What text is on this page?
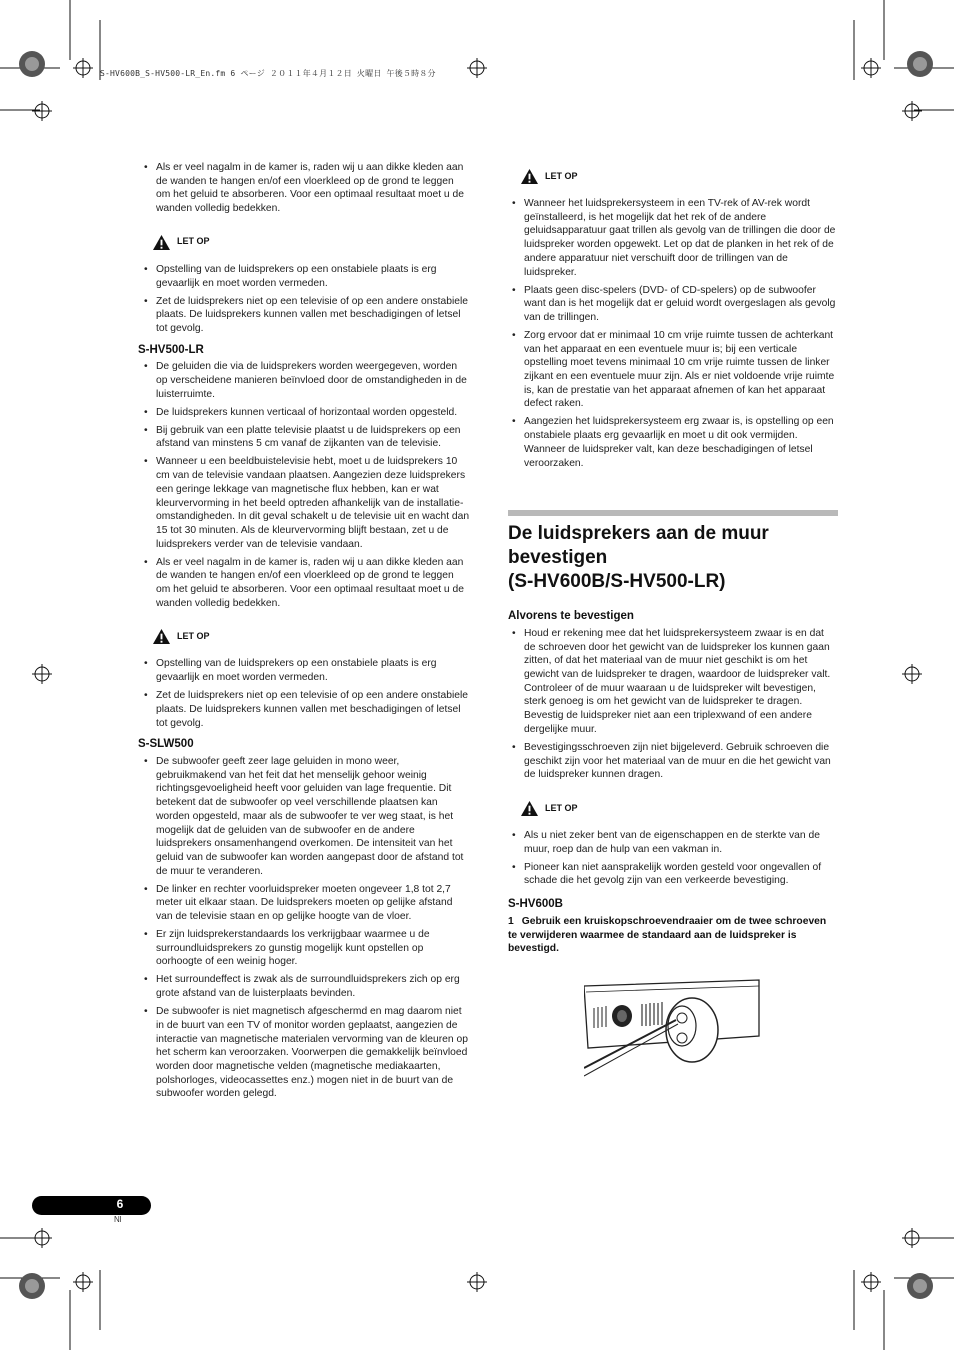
S-HV600B_S-HV500-LR_En.fm 6 ページ ２０１１年４月１２日 火曜日 午後５時８分
• Als er veel nagalm in de kamer is, raden wij u aan dikke kleden aan de wanden te hangen en/of een vloerkleed op de grond te leggen om het geluid te absorberen. Voor een optimaal resultaat moet u de wanden volledig bedekken.
LET OP
• Opstelling van de luidsprekers op een onstabiele plaats is erg gevaarlijk en moet worden vermeden.
• Zet de luidsprekers niet op een televisie of op een andere onstabiele plaats. De luidsprekers kunnen vallen met beschadigingen of letsel tot gevolg.
S-HV500-LR
• De geluiden die via de luidsprekers worden weergegeven, worden op verscheidene manieren beïnvloed door de omstandigheden in de luisterruimte.
• De luidsprekers kunnen verticaal of horizontaal worden opgesteld.
• Bij gebruik van een platte televisie plaatst u de luidsprekers op een afstand van minstens 5 cm vanaf de zijkanten van de televisie.
• Wanneer u een beeldbuistelevisie hebt, moet u de luidsprekers 10 cm van de televisie vandaan plaatsen. Aangezien deze luidsprekers een geringe lekkage van magnetische flux hebben, kan er wat kleurvervorming in het beeld optreden afhankelijk van de installatie-omstandigheden. In dit geval schakelt u de televisie uit en wacht dan 15 tot 30 minuten. Als de kleurvervorming blijft bestaan, zet u de luidsprekers verder van de televisie vandaan.
• Als er veel nagalm in de kamer is, raden wij u aan dikke kleden aan de wanden te hangen en/of een vloerkleed op de grond te leggen om het geluid te absorberen. Voor een optimaal resultaat moet u de wanden volledig bedekken.
LET OP
• Opstelling van de luidsprekers op een onstabiele plaats is erg gevaarlijk en moet worden vermeden.
• Zet de luidsprekers niet op een televisie of op een andere onstabiele plaats. De luidsprekers kunnen vallen met beschadigingen of letsel tot gevolg.
S-SLW500
• De subwoofer geeft zeer lage geluiden in mono weer, gebruikmakend van het feit dat het menselijk gehoor weinig richtingsgevoeligheid heeft voor geluiden van lage frequentie. Dit betekent dat de subwoofer op veel verschillende plaatsen kan worden opgesteld, maar als de subwoofer te ver weg staat, is het mogelijk dat de geluiden van de subwoofer en de andere luidsprekers onsamenhangend overkomen. De intensiteit van het geluid van de subwoofer kan worden aangepast door de afstand tot de muur te veranderen.
• De linker en rechter voorluidspreker moeten ongeveer 1,8 tot 2,7 meter uit elkaar staan. De luidsprekers moeten op gelijke afstand van de televisie staan en op gelijke hoogte van de vloer.
• Er zijn luidsprekerstandaards los verkrijgbaar waarmee u de surroundluidsprekers zo gunstig mogelijk kunt opstellen op oorhoogte of een weinig hoger.
• Het surroundeffect is zwak als de surroundluidsprekers zich op erg grote afstand van de luisterplaats bevinden.
• De subwoofer is niet magnetisch afgeschermd en mag daarom niet in de buurt van een TV of monitor worden geplaatst, aangezien de interactie van magnetische materialen vervorming van de kleuren op het scherm kan veroorzaken. Voorwerpen die gemakkelijk beïnvloed worden door magnetische velden (magnetische mediakaarten, polshorloges, videocassettes enz.) mogen niet in de buurt van de subwoofer worden gelegd.
LET OP
• Wanneer het luidsprekersysteem in een TV-rek of AV-rek wordt geïnstalleerd, is het mogelijk dat het rek of de andere geluidsapparatuur gaat trillen als gevolg van de trillingen die door de luidspreker worden opgewekt. Let op dat de planken in het rek of de andere apparatuur niet verschuift door de trillingen van de luidspreker.
• Plaats geen disc-spelers (DVD- of CD-spelers) op de subwoofer want dan is het mogelijk dat er geluid wordt overgeslagen als gevolg van de trillingen.
• Zorg ervoor dat er minimaal 10 cm vrije ruimte tussen de achterkant van het apparaat en een eventuele muur is; bij een verticale opstelling moet tevens minimaal 10 cm vrije ruimte tussen de linker zijkant en een eventuele muur zijn. Als er niet voldoende vrije ruimte is, kan de prestatie van het apparaat afnemen of kan het apparaat defect raken.
• Aangezien het luidsprekersysteem erg zwaar is, is opstelling op een onstabiele plaats erg gevaarlijk en moet u dit ook vermijden. Wanneer de luidspreker valt, kan deze beschadigingen of letsel veroorzaken.
De luidsprekers aan de muur
bevestigen
(S-HV600B/S-HV500-LR)
Alvorens te bevestigen
• Houd er rekening mee dat het luidsprekersysteem zwaar is en dat de schroeven door het gewicht van de luidspreker los kunnen gaan zitten, of dat het materiaal van de muur niet geschikt is om het gewicht van de luidspreker te dragen, waardoor de luidspreker valt. Controleer of de muur waaraan u de luidspreker wilt bevestigen, sterk genoeg is om het gewicht van de luidspreker te dragen. Bevestig de luidspreker niet aan een triplexwand of een andere dergelijke muur.
• Bevestigingsschroeven zijn niet bijgeleverd. Gebruik schroeven die geschikt zijn voor het materiaal van de muur en die het gewicht van de luidspreker kunnen dragen.
LET OP
• Als u niet zeker bent van de eigenschappen en de sterkte van de muur, roep dan de hulp van een vakman in.
• Pioneer kan niet aansprakelijk worden gesteld voor ongevallen of schade die het gevolg zijn van een verkeerde bevestiging.
S-HV600B
1 Gebruik een kruiskopschroevendraaier om de twee schroeven te verwijderen waarmee de standaard aan de luidspreker is bevestigd.
6
Nl
